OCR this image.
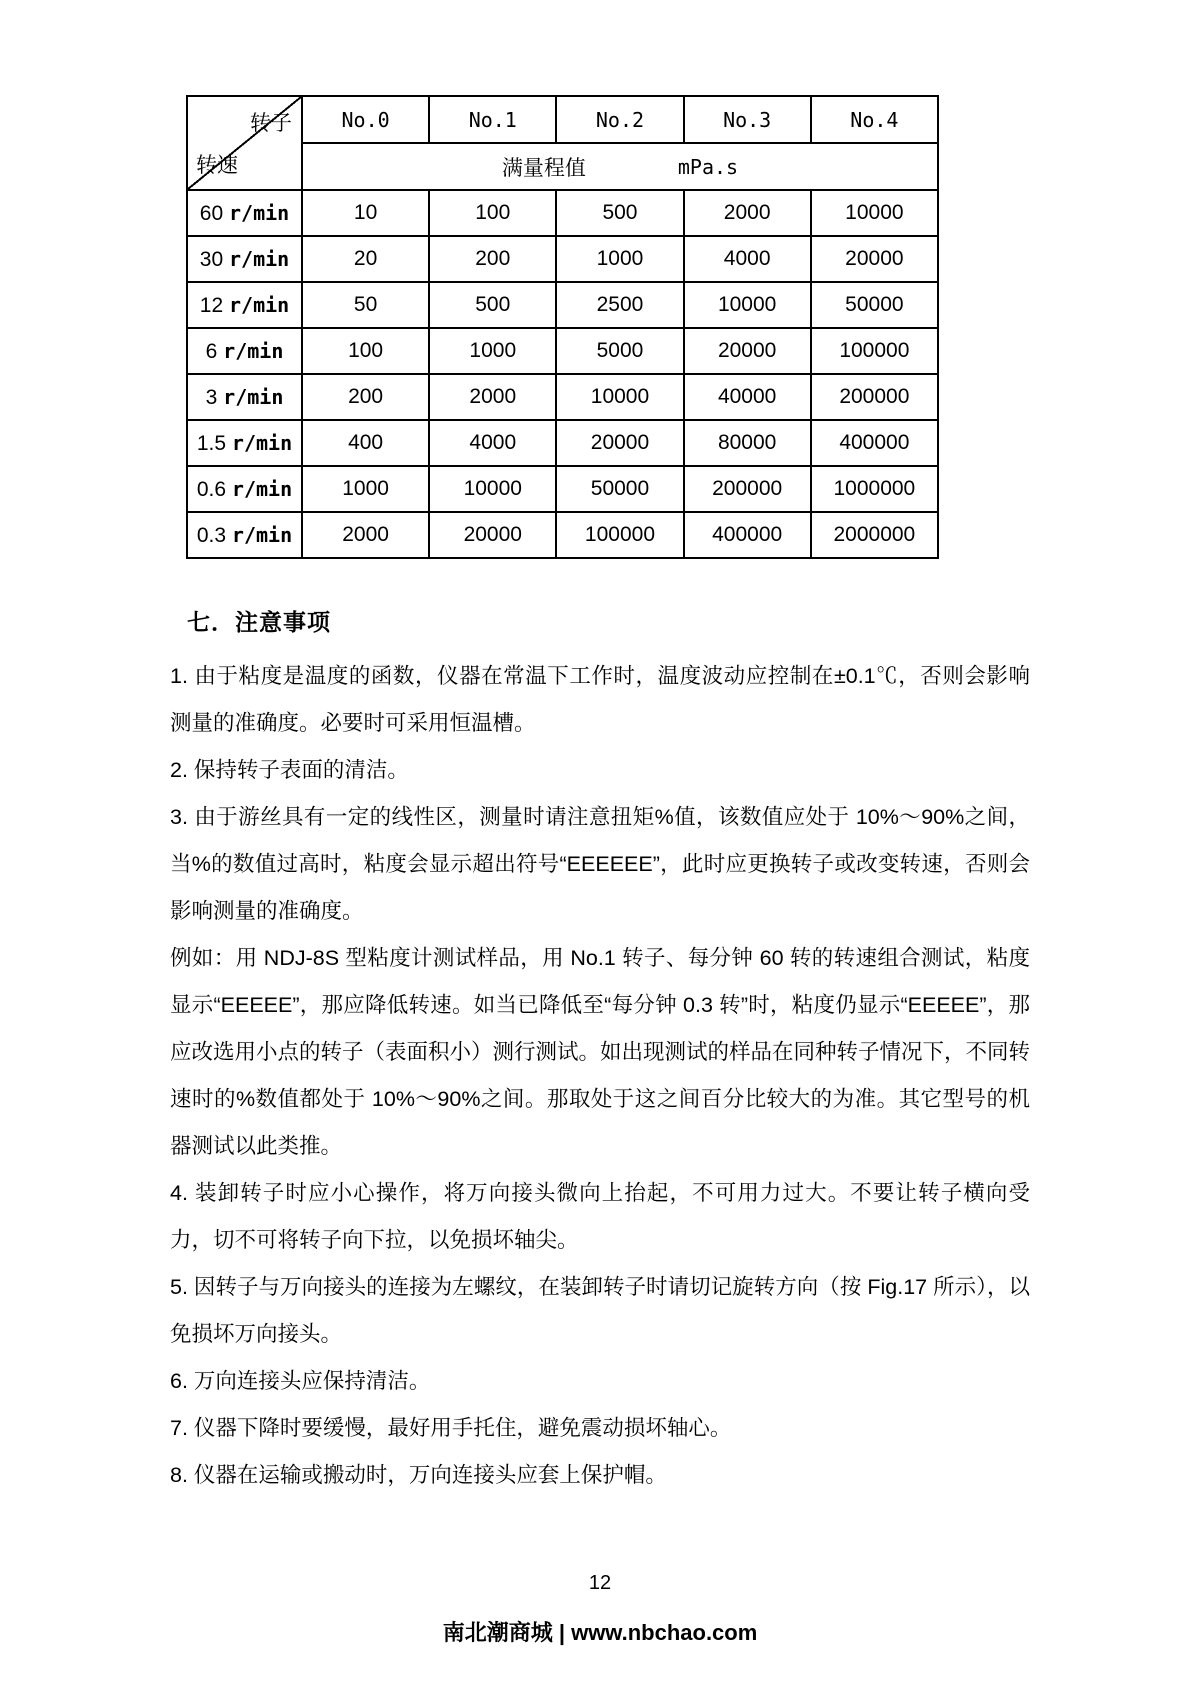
转子
转速	No.0	No.1	No.2	No.3	No.4

	满量程值 mPa.s				

60 r/min	10	100	500	2000	10000
30 r/min	20	200	1000	4000	20000
12 r/min	50	500	2500	10000	50000
6 r/min	100	1000	5000	20000	100000
3 r/min	200	2000	10000	40000	200000
1.5 r/min	400	4000	20000	80000	400000
0.6 r/min	1000	10000	50000	200000	1000000
0.3 r/min	2000	20000	100000	400000	2000000
七．注意事项

1. 由于粘度是温度的函数，仪器在常温下工作时，温度波动应控制在±0.1℃，否则会影响测量的准确度。必要时可采用恒温槽。

2. 保持转子表面的清洁。

3. 由于游丝具有一定的线性区，测量时请注意扭矩%值，该数值应处于 10%～90%之间，当%的数值过高时，粘度会显示超出符号“EEEEEE”，此时应更换转子或改变转速，否则会影响测量的准确度。

例如：用 NDJ-8S 型粘度计测试样品，用 No.1 转子、每分钟 60 转的转速组合测试，粘度显示“EEEEE”，那应降低转速。如当已降低至“每分钟 0.3 转”时，粘度仍显示“EEEEE”，那应改选用小点的转子（表面积小）测行测试。如出现测试的样品在同种转子情况下，不同转速时的%数值都处于 10%～90%之间。那取处于这之间百分比较大的为准。其它型号的机器测试以此类推。

4. 装卸转子时应小心操作，将万向接头微向上抬起，不可用力过大。不要让转子横向受力，切不可将转子向下拉，以免损坏轴尖。

5. 因转子与万向接头的连接为左螺纹，在装卸转子时请切记旋转方向（按 Fig.17 所示），以免损坏万向接头。

6. 万向连接头应保持清洁。

7. 仪器下降时要缓慢，最好用手托住，避免震动损坏轴心。

8. 仪器在运输或搬动时，万向连接头应套上保护帽。

12
南北潮商城 | www.nbchao.com
